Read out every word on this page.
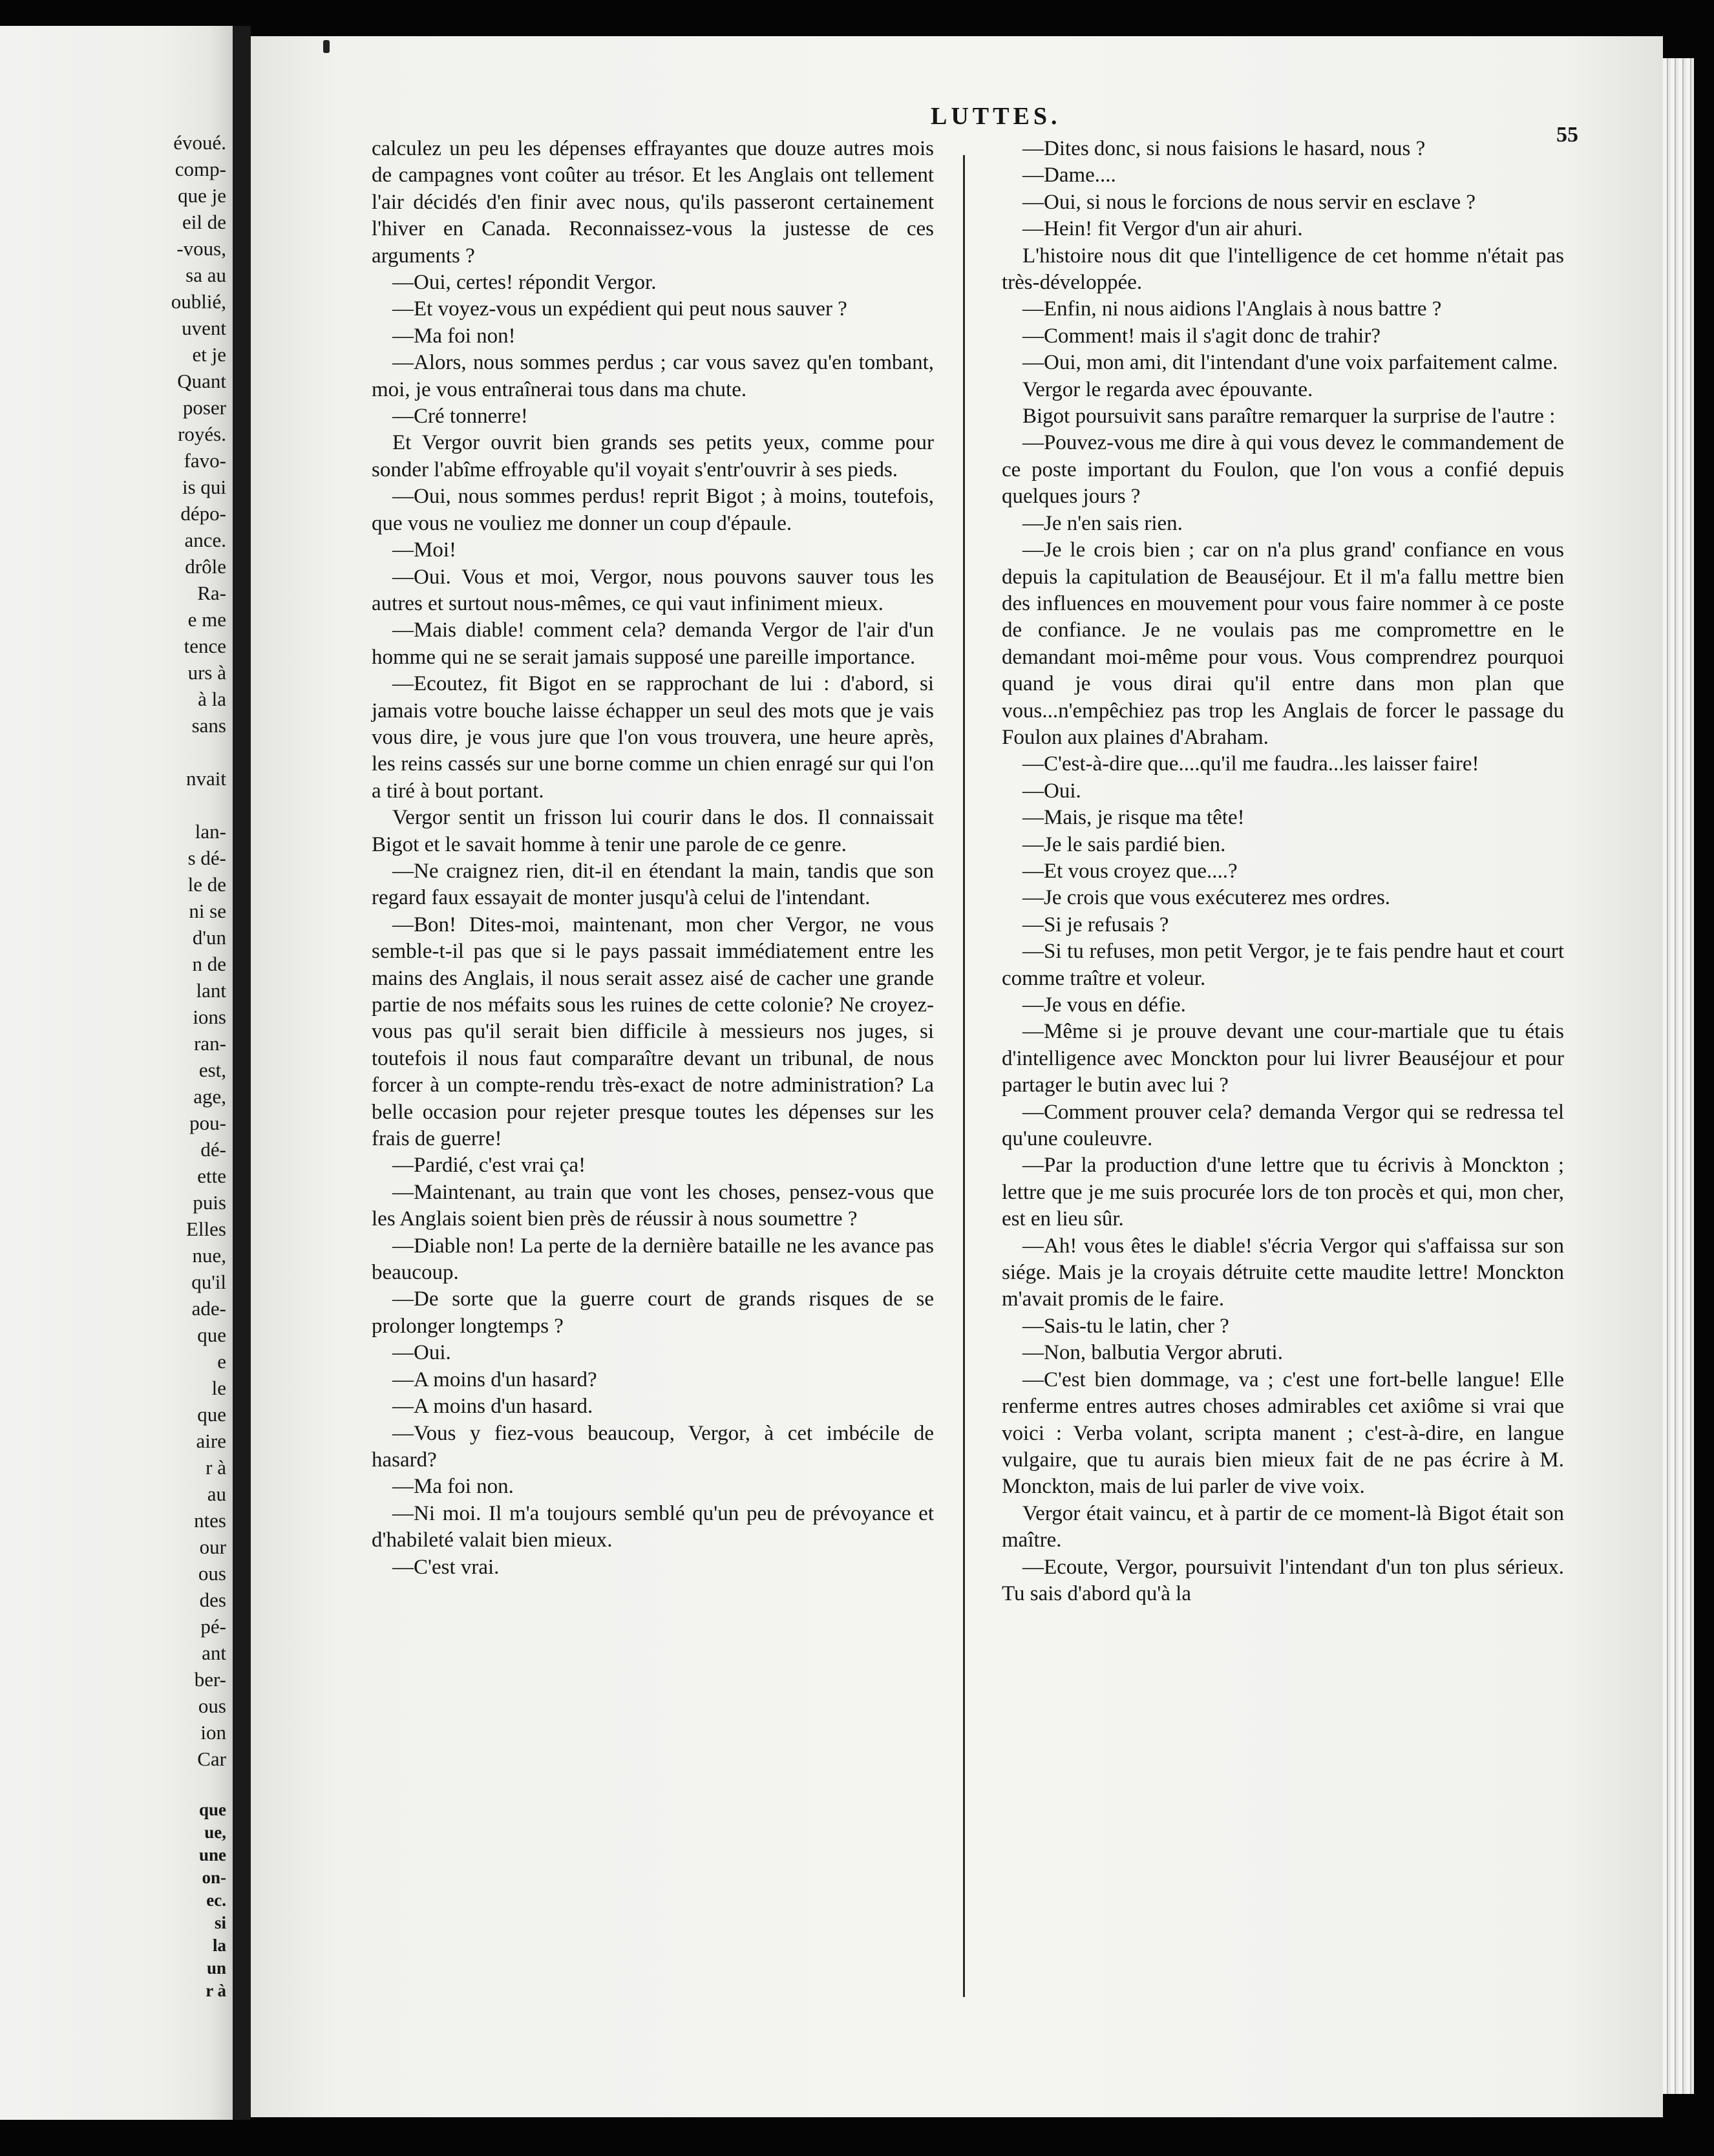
évoué.
comp-
que je
eil de
-vous,
sa au
oublié,
uvent
et je
Quant
poser
royés.
favo-
is qui
dépo-
ance.
drôle
Ra-
e me
tence
urs à
à la
sans
nvait
lan-
s dé-
le de
ni se
d'un
n de
lant
ions
ran-
est,
age,
pou-
dé-
ette
puis
Elles
nue,
qu'il
ade-
que
e
le
que
aire
r à
au
ntes
our
ous
des
pé-
ant
ber-
ous
ion
Car
que
ue,
une
on-
ec.
si
la
un
r à
LUTTES.
55

calculez un peu les dépenses effrayantes que douze autres mois de campagnes vont coûter au trésor. Et les Anglais ont tellement l'air décidés d'en finir avec nous, qu'ils passeront certainement l'hiver en Canada. Reconnaissez-vous la justesse de ces arguments ?

—Oui, certes! répondit Vergor.

—Et voyez-vous un expédient qui peut nous sauver ?

—Ma foi non!

—Alors, nous sommes perdus ; car vous savez qu'en tombant, moi, je vous entraînerai tous dans ma chute.

—Cré tonnerre!

Et Vergor ouvrit bien grands ses petits yeux, comme pour sonder l'abîme effroyable qu'il voyait s'entr'ouvrir à ses pieds.

—Oui, nous sommes perdus! reprit Bigot ; à moins, toutefois, que vous ne vouliez me donner un coup d'épaule.

—Moi!

—Oui. Vous et moi, Vergor, nous pouvons sauver tous les autres et surtout nous-mêmes, ce qui vaut infiniment mieux.

—Mais diable! comment cela? demanda Vergor de l'air d'un homme qui ne se serait jamais supposé une pareille importance.

—Ecoutez, fit Bigot en se rapprochant de lui : d'abord, si jamais votre bouche laisse échapper un seul des mots que je vais vous dire, je vous jure que l'on vous trouvera, une heure après, les reins cassés sur une borne comme un chien enragé sur qui l'on a tiré à bout portant.

Vergor sentit un frisson lui courir dans le dos. Il connaissait Bigot et le savait homme à tenir une parole de ce genre.

—Ne craignez rien, dit-il en étendant la main, tandis que son regard faux essayait de monter jusqu'à celui de l'intendant.

—Bon! Dites-moi, maintenant, mon cher Vergor, ne vous semble-t-il pas que si le pays passait immédiatement entre les mains des Anglais, il nous serait assez aisé de cacher une grande partie de nos méfaits sous les ruines de cette colonie? Ne croyez-vous pas qu'il serait bien difficile à messieurs nos juges, si toutefois il nous faut comparaître devant un tribunal, de nous forcer à un compte-rendu très-exact de notre administration? La belle occasion pour rejeter presque toutes les dépenses sur les frais de guerre!

—Pardié, c'est vrai ça!

—Maintenant, au train que vont les choses, pensez-vous que les Anglais soient bien près de réussir à nous soumettre ?

—Diable non! La perte de la dernière bataille ne les avance pas beaucoup.

—De sorte que la guerre court de grands risques de se prolonger longtemps ?

—Oui.

—A moins d'un hasard?

—A moins d'un hasard.

—Vous y fiez-vous beaucoup, Vergor, à cet imbécile de hasard?

—Ma foi non.

—Ni moi. Il m'a toujours semblé qu'un peu de prévoyance et d'habileté valait bien mieux.

—C'est vrai.

—Dites donc, si nous faisions le hasard, nous ?

—Dame....

—Oui, si nous le forcions de nous servir en esclave ?

—Hein! fit Vergor d'un air ahuri.

L'histoire nous dit que l'intelligence de cet homme n'était pas très-développée.

—Enfin, ni nous aidions l'Anglais à nous battre ?

—Comment! mais il s'agit donc de trahir?

—Oui, mon ami, dit l'intendant d'une voix parfaitement calme.

Vergor le regarda avec épouvante.

Bigot poursuivit sans paraître remarquer la surprise de l'autre :

—Pouvez-vous me dire à qui vous devez le commandement de ce poste important du Foulon, que l'on vous a confié depuis quelques jours ?

—Je n'en sais rien.

—Je le crois bien ; car on n'a plus grand' confiance en vous depuis la capitulation de Beauséjour. Et il m'a fallu mettre bien des influences en mouvement pour vous faire nommer à ce poste de confiance. Je ne voulais pas me compromettre en le demandant moi-même pour vous. Vous comprendrez pourquoi quand je vous dirai qu'il entre dans mon plan que vous...n'empêchiez pas trop les Anglais de forcer le passage du Foulon aux plaines d'Abraham.

—C'est-à-dire que....qu'il me faudra...les laisser faire!

—Oui.

—Mais, je risque ma tête!

—Je le sais pardié bien.

—Et vous croyez que....?

—Je crois que vous exécuterez mes ordres.

—Si je refusais ?

—Si tu refuses, mon petit Vergor, je te fais pendre haut et court comme traître et voleur.

—Je vous en défie.

—Même si je prouve devant une cour-martiale que tu étais d'intelligence avec Monckton pour lui livrer Beauséjour et pour partager le butin avec lui ?

—Comment prouver cela? demanda Vergor qui se redressa tel qu'une couleuvre.

—Par la production d'une lettre que tu écrivis à Monckton ; lettre que je me suis procurée lors de ton procès et qui, mon cher, est en lieu sûr.

—Ah! vous êtes le diable! s'écria Vergor qui s'affaissa sur son siége. Mais je la croyais détruite cette maudite lettre! Monckton m'avait promis de le faire.

—Sais-tu le latin, cher ?

—Non, balbutia Vergor abruti.

—C'est bien dommage, va ; c'est une fort-belle langue! Elle renferme entres autres choses admirables cet axiôme si vrai que voici : Verba volant, scripta manent ; c'est-à-dire, en langue vulgaire, que tu aurais bien mieux fait de ne pas écrire à M. Monckton, mais de lui parler de vive voix.

Vergor était vaincu, et à partir de ce moment-là Bigot était son maître.

—Ecoute, Vergor, poursuivit l'intendant d'un ton plus sérieux. Tu sais d'abord qu'à la
